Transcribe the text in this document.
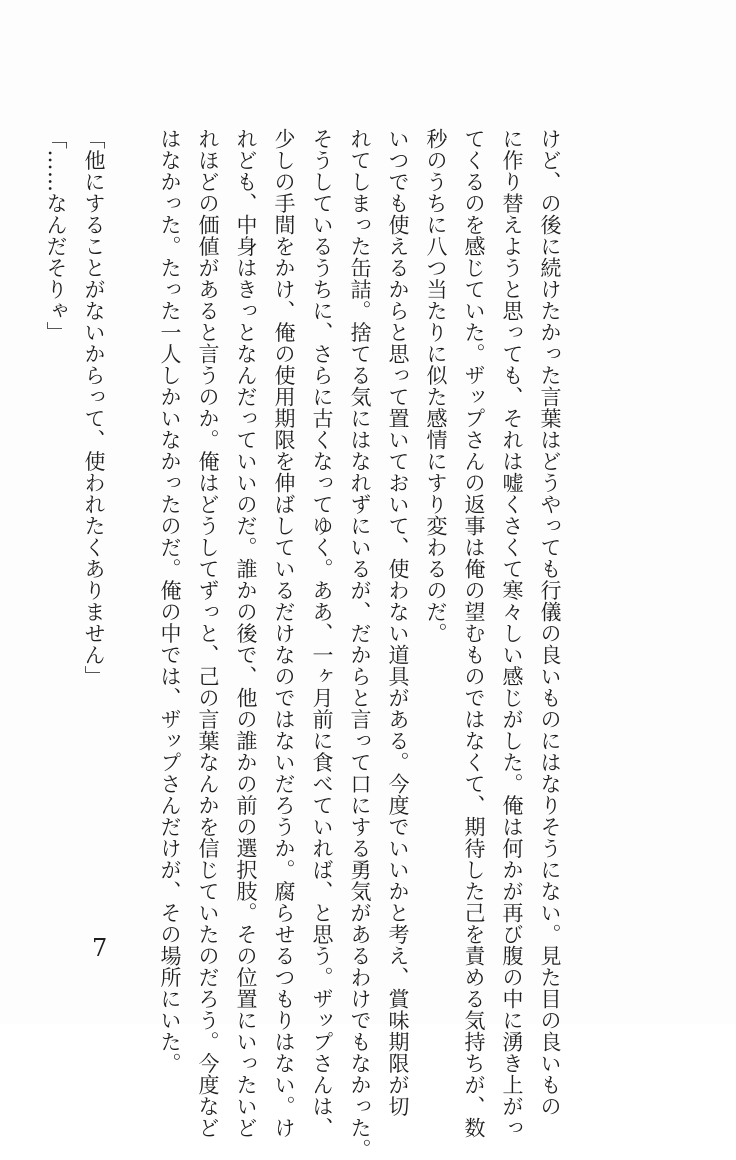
けど、の後に続けたかった言葉はどうやっても行儀の良いものにはなりそうにない。見た目の良いもの
に作り替えようと思っても、それは嘘くさくて寒々しい感じがした。俺は何かが再び腹の中に湧き上がっ
てくるのを感じていた。ザップさんの返事は俺の望むものではなくて、期待した己を責める気持ちが、数
秒のうちに八つ当たりに似た感情にすり変わるのだ。
いつでも使えるからと思って置いておいて、使わない道具がある。今度でいいかと考え、賞味期限が切
れてしまった缶詰。捨てる気にはなれずにいるが、だからと言って口にする勇気があるわけでもなかった。
そうしているうちに、さらに古くなってゆく。ああ、一ヶ月前に食べていれば、と思う。ザップさんは、
少しの手間をかけ、俺の使用期限を伸ばしているだけなのではないだろうか。腐らせるつもりはない。け
れども、中身はきっとなんだっていいのだ。誰かの後で、他の誰かの前の選択肢。その位置にいったいど
れほどの価値があると言うのか。俺はどうしてずっと、己の言葉なんかを信じていたのだろう。今度など
はなかった。たった一人しかいなかったのだ。俺の中では、ザップさんだけが、その場所にいた。
「他にすることがないからって、使われたくありません」
「……なんだそりゃ」
7
